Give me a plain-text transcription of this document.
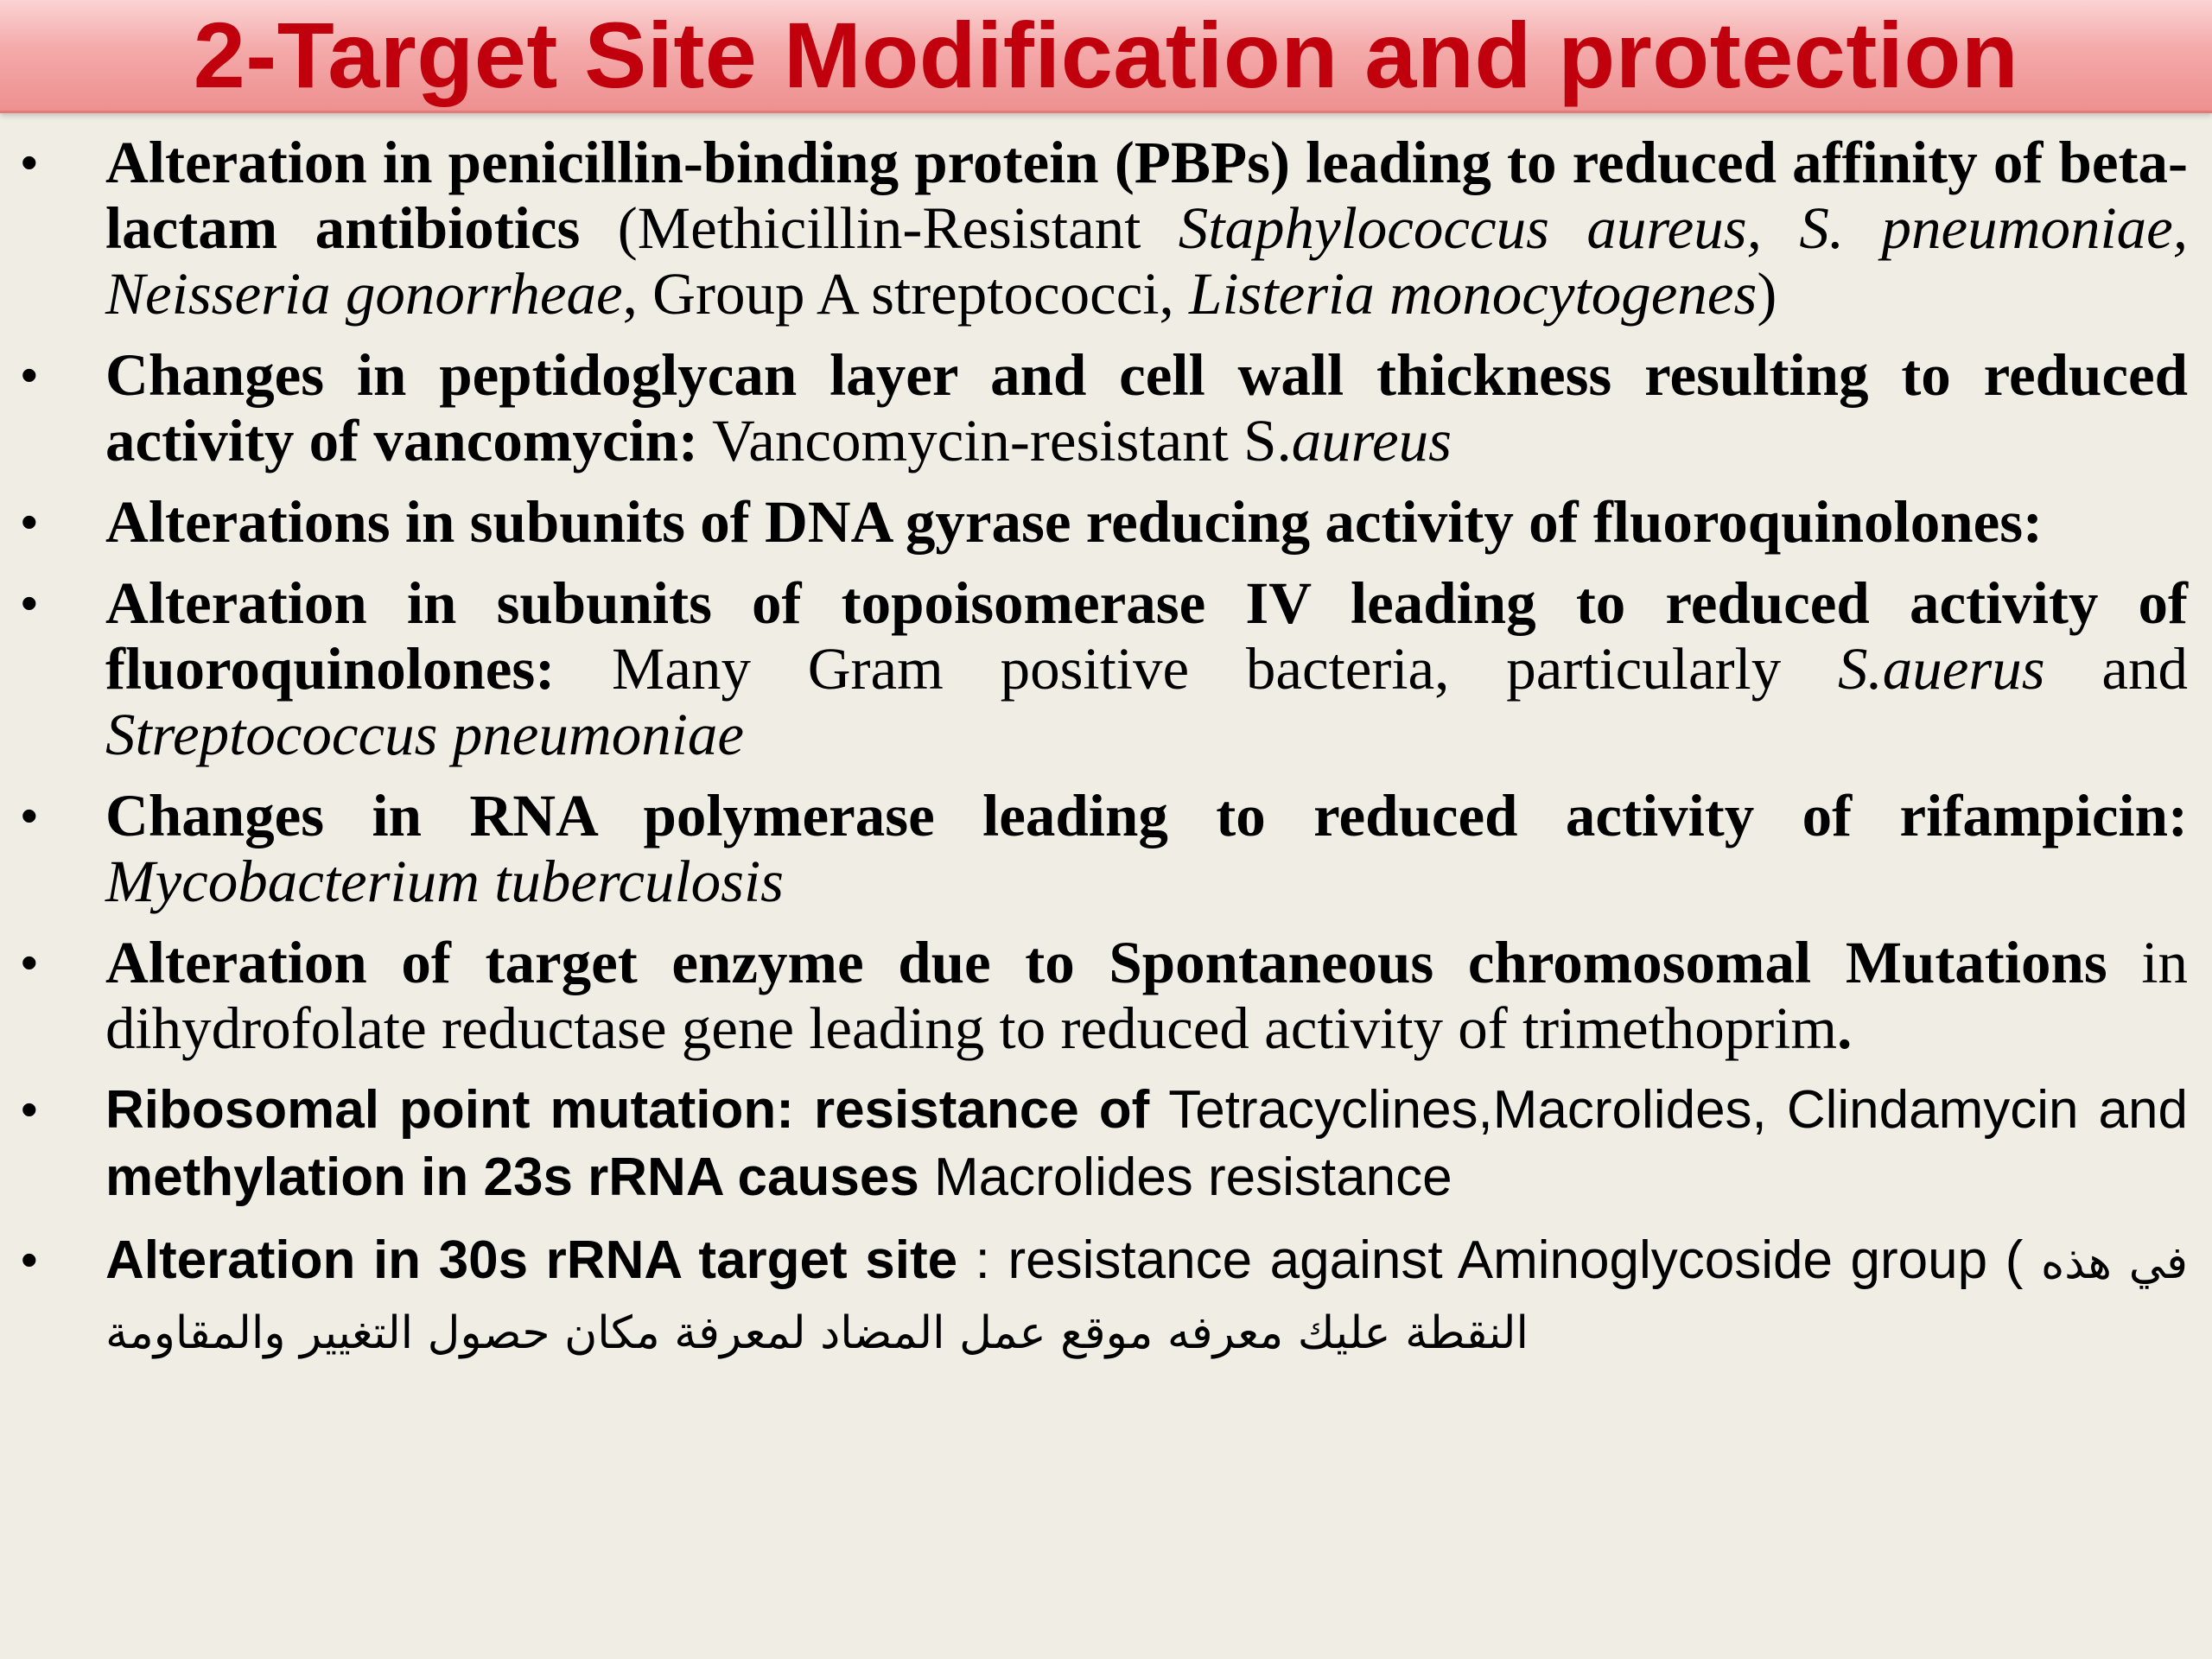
2-Target Site Modification and protection
• Alteration in penicillin-binding protein (PBPs) leading to reduced affinity of beta-lactam antibiotics (Methicillin-Resistant Staphylococcus aureus, S. pneumoniae, Neisseria gonorrheae, Group A streptococci, Listeria monocytogenes)
• Changes in peptidoglycan layer and cell wall thickness resulting to reduced activity of vancomycin: Vancomycin-resistant S.aureus
• Alterations in subunits of DNA gyrase reducing activity of fluoroquinolones:
• Alteration in subunits of topoisomerase IV leading to reduced activity of fluoroquinolones: Many Gram positive bacteria, particularly S.auerus and Streptococcus pneumoniae
• Changes in RNA polymerase leading to reduced activity of rifampicin: Mycobacterium tuberculosis
• Alteration of target enzyme due to Spontaneous chromosomal Mutations in dihydrofolate reductase gene leading to reduced activity of trimethoprim.
• Ribosomal point mutation: resistance of Tetracyclines,Macrolides, Clindamycin and methylation in 23s rRNA causes Macrolides resistance
• Alteration in 30s rRNA target site : resistance against Aminoglycoside group ( في هذه النقطة عليك معرفه موقع عمل المضاد لمعرفة مكان حصول التغيير والمقاومة
